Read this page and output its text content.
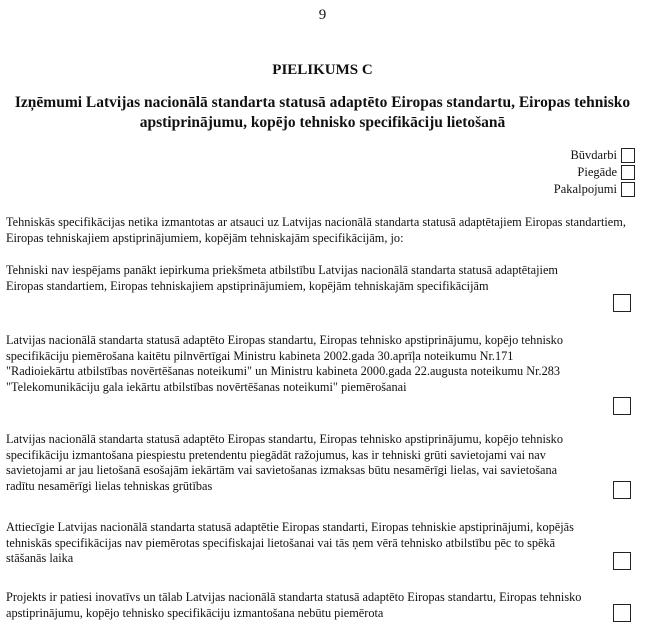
9
PIELIKUMS C
Izņēmumi Latvijas nacionālā standarta statusā adaptēto Eiropas standartu, Eiropas tehnisko apstiprinājumu, kopējo tehnisko specifikāciju lietošanā
Būvdarbi
Piegāde
Pakalpojumi
Tehniskās specifikācijas netika izmantotas ar atsauci uz Latvijas nacionālā standarta statusā adaptētajiem Eiropas standartiem, Eiropas tehniskajiem apstiprinājumiem, kopējām tehniskajām specifikācijām, jo:
Tehniski nav iespējams panākt iepirkuma priekšmeta atbilstību Latvijas nacionālā standarta statusā adaptētajiem Eiropas standartiem, Eiropas tehniskajiem apstiprinājumiem, kopējām tehniskajām specifikācijām
Latvijas nacionālā standarta statusā adaptēto Eiropas standartu, Eiropas tehnisko apstiprinājumu, kopējo tehnisko specifikāciju piemērošana kaitētu pilnvērtīgai Ministru kabineta 2002.gada 30.aprīļa noteikumu Nr.171 "Radioiekārtu atbilstības novērtēšanas noteikumi" un Ministru kabineta 2000.gada 22.augusta noteikumu Nr.283 "Telekomunikāciju gala iekārtu atbilstības novērtēšanas noteikumi" piemērošanai
Latvijas nacionālā standarta statusā adaptēto Eiropas standartu, Eiropas tehnisko apstiprinājumu, kopējo tehnisko specifikāciju izmantošana piespiestu pretendentu piegādāt ražojumus, kas ir tehniski grūti savietojami vai nav savietojami ar jau lietošanā esošajām iekārtām vai savietošanas izmaksas būtu nesamērīgi lielas, vai savietošana radītu nesamērīgi lielas tehniskas grūtības
Attiecīgie Latvijas nacionālā standarta statusā adaptētie Eiropas standarti, Eiropas tehniskie apstiprinājumi, kopējās tehniskās specifikācijas nav piemērotas specifiskajai lietošanai vai tās ņem vērā tehnisko atbilstību pēc to spēkā stāšanās laika
Projekts ir patiesi inovatīvs un tālab Latvijas nacionālā standarta statusā adaptēto Eiropas standartu, Eiropas tehnisko apstiprinājumu, kopējo tehnisko specifikāciju izmantošana nebūtu piemērota
